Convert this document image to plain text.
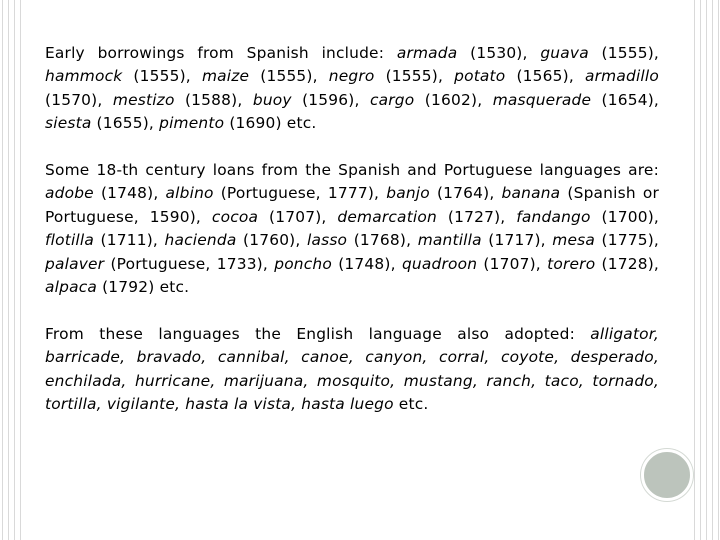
Early borrowings from Spanish include: armada (1530), guava (1555), hammock (1555), maize (1555), negro (1555), potato (1565), armadillo (1570), mestizo (1588), buoy (1596), cargo (1602), masquerade (1654), siesta (1655), pimento (1690) etc.

Some 18-th century loans from the Spanish and Portuguese languages are: adobe (1748), albino (Portuguese, 1777), banjo (1764), banana (Spanish or Portuguese, 1590), cocoa (1707), demarcation (1727), fandango (1700), flotilla (1711), hacienda (1760), lasso (1768), mantilla (1717), mesa (1775), palaver (Portuguese, 1733), poncho (1748), quadroon (1707), torero (1728), alpaca (1792) etc.

From these languages the English language also adopted: alligator, barricade, bravado, cannibal, canoe, canyon, corral, coyote, desperado, enchilada, hurricane, marijuana, mosquito, mustang, ranch, taco, tornado, tortilla, vigilante, hasta la vista, hasta luego etc.
